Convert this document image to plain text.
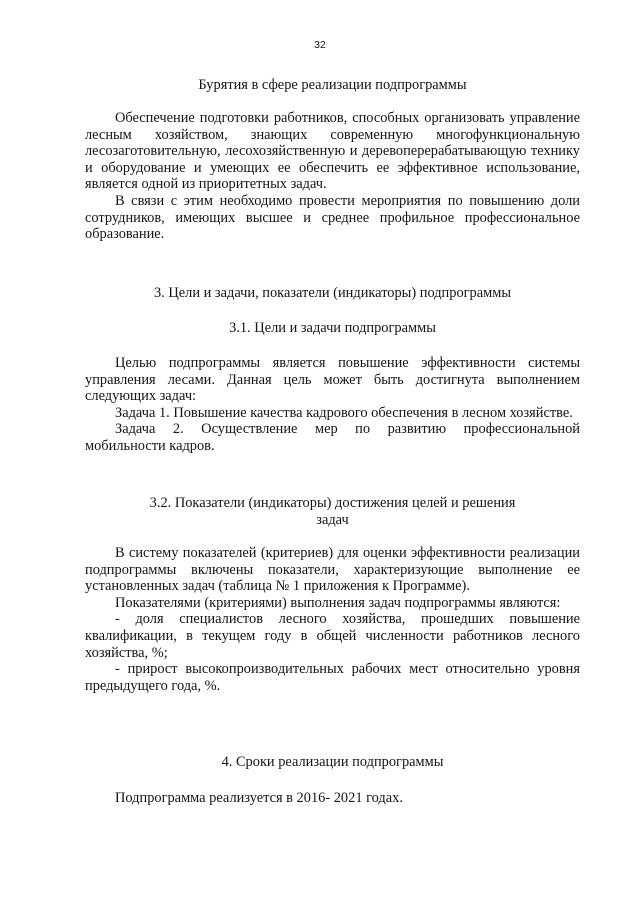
32
Бурятия в сфере реализации подпрограммы

Обеспечение подготовки работников, способных организовать управление лесным хозяйством, знающих современную многофункциональную лесозаготовительную, лесохозяйственную и деревоперерабатывающую технику и оборудование и умеющих ее обеспечить ее эффективное использование, является одной из приоритетных задач.

В связи с этим необходимо провести мероприятия по повышению доли сотрудников, имеющих высшее и среднее профильное профессиональное образование.

3. Цели и задачи, показатели (индикаторы) подпрограммы
3.1. Цели и задачи подпрограммы

Целью подпрограммы является повышение эффективности системы управления лесами. Данная цель может быть достигнута выполнением следующих задач:

Задача 1. Повышение качества кадрового обеспечения в лесном хозяйстве.

Задача 2. Осуществление мер по развитию профессиональной мобильности кадров.

3.2. Показатели (индикаторы) достижения целей и решения
задач

В систему показателей (критериев) для оценки эффективности реализации подпрограммы включены показатели, характеризующие выполнение ее установленных задач (таблица № 1 приложения к Программе).

Показателями (критериями) выполнения задач подпрограммы являются:

- доля специалистов лесного хозяйства, прошедших повышение квалификации, в текущем году в общей численности работников лесного хозяйства, %;

- прирост высокопроизводительных рабочих мест относительно уровня предыдущего года, %.

4. Сроки реализации подпрограммы

Подпрограмма реализуется в 2016- 2021 годах.
